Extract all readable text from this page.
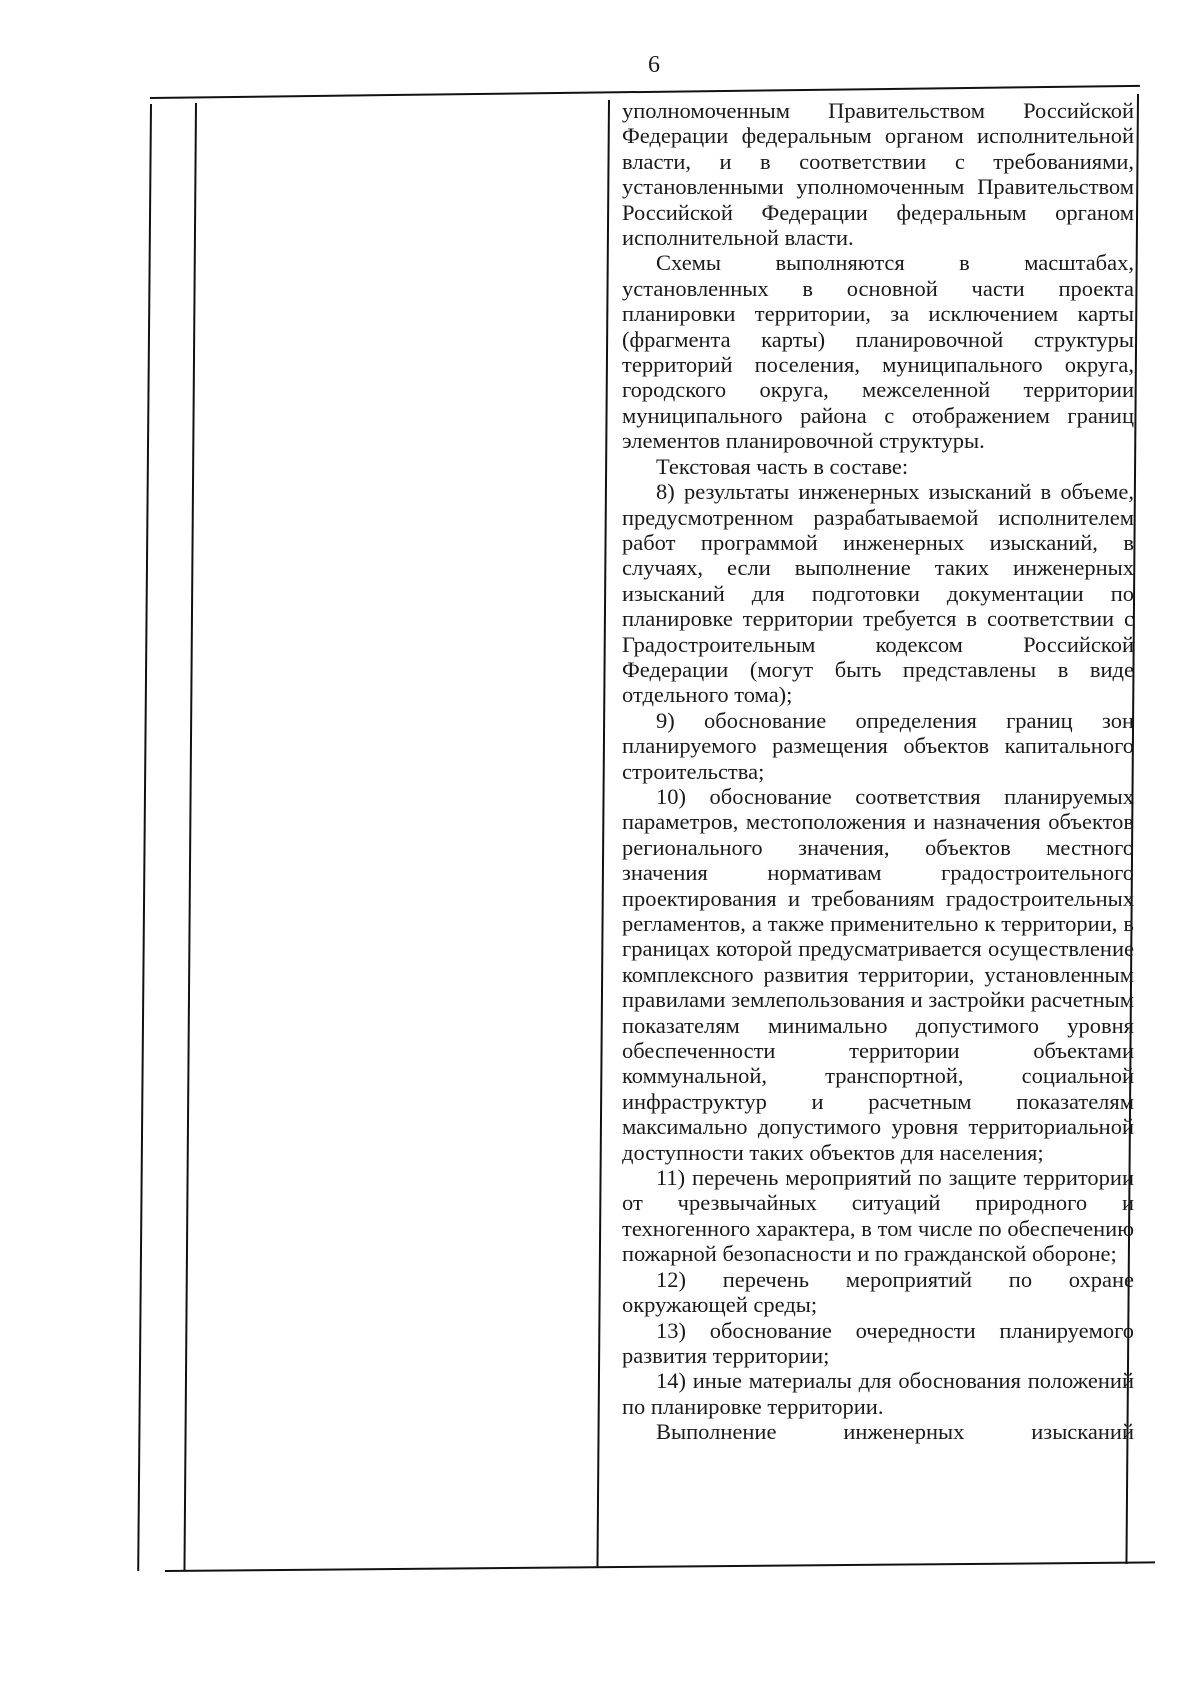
6

уполномоченным Правительством Российской Федерации федеральным органом исполнительной власти, и в соответствии с требованиями, установленными уполномоченным Правительством Российской Федерации федеральным органом исполнительной власти.

Схемы выполняются в масштабах, установленных в основной части проекта планировки территории, за исключением карты (фрагмента карты) планировочной структуры территорий поселения, муниципального округа, городского округа, межселенной территории муниципального района с отображением границ элементов планировочной структуры.

Текстовая часть в составе:

8) результаты инженерных изысканий в объеме, предусмотренном разрабатываемой исполнителем работ программой инженерных изысканий, в случаях, если выполнение таких инженерных изысканий для подготовки документации по планировке территории требуется в соответствии с Градостроительным кодексом Российской Федерации (могут быть представлены в виде отдельного тома);

9) обоснование определения границ зон планируемого размещения объектов капитального строительства;

10) обоснование соответствия планируемых параметров, местоположения и назначения объектов регионального значения, объектов местного значения нормативам градостроительного проектирования и требованиям градостроительных регламентов, а также применительно к территории, в границах которой предусматривается осуществление комплексного развития территории, установленным правилами землепользования и застройки расчетным показателям минимально допустимого уровня обеспеченности территории объектами коммунальной, транспортной, социальной инфраструктур и расчетным показателям максимально допустимого уровня территориальной доступности таких объектов для населения;

11) перечень мероприятий по защите территории от чрезвычайных ситуаций природного и техногенного характера, в том числе по обеспечению пожарной безопасности и по гражданской обороне;

12) перечень мероприятий по охране окружающей среды;

13) обоснование очередности планируемого развития территории;

14) иные материалы для обоснования положений по планировке территории.

Выполнение инженерных изысканий
